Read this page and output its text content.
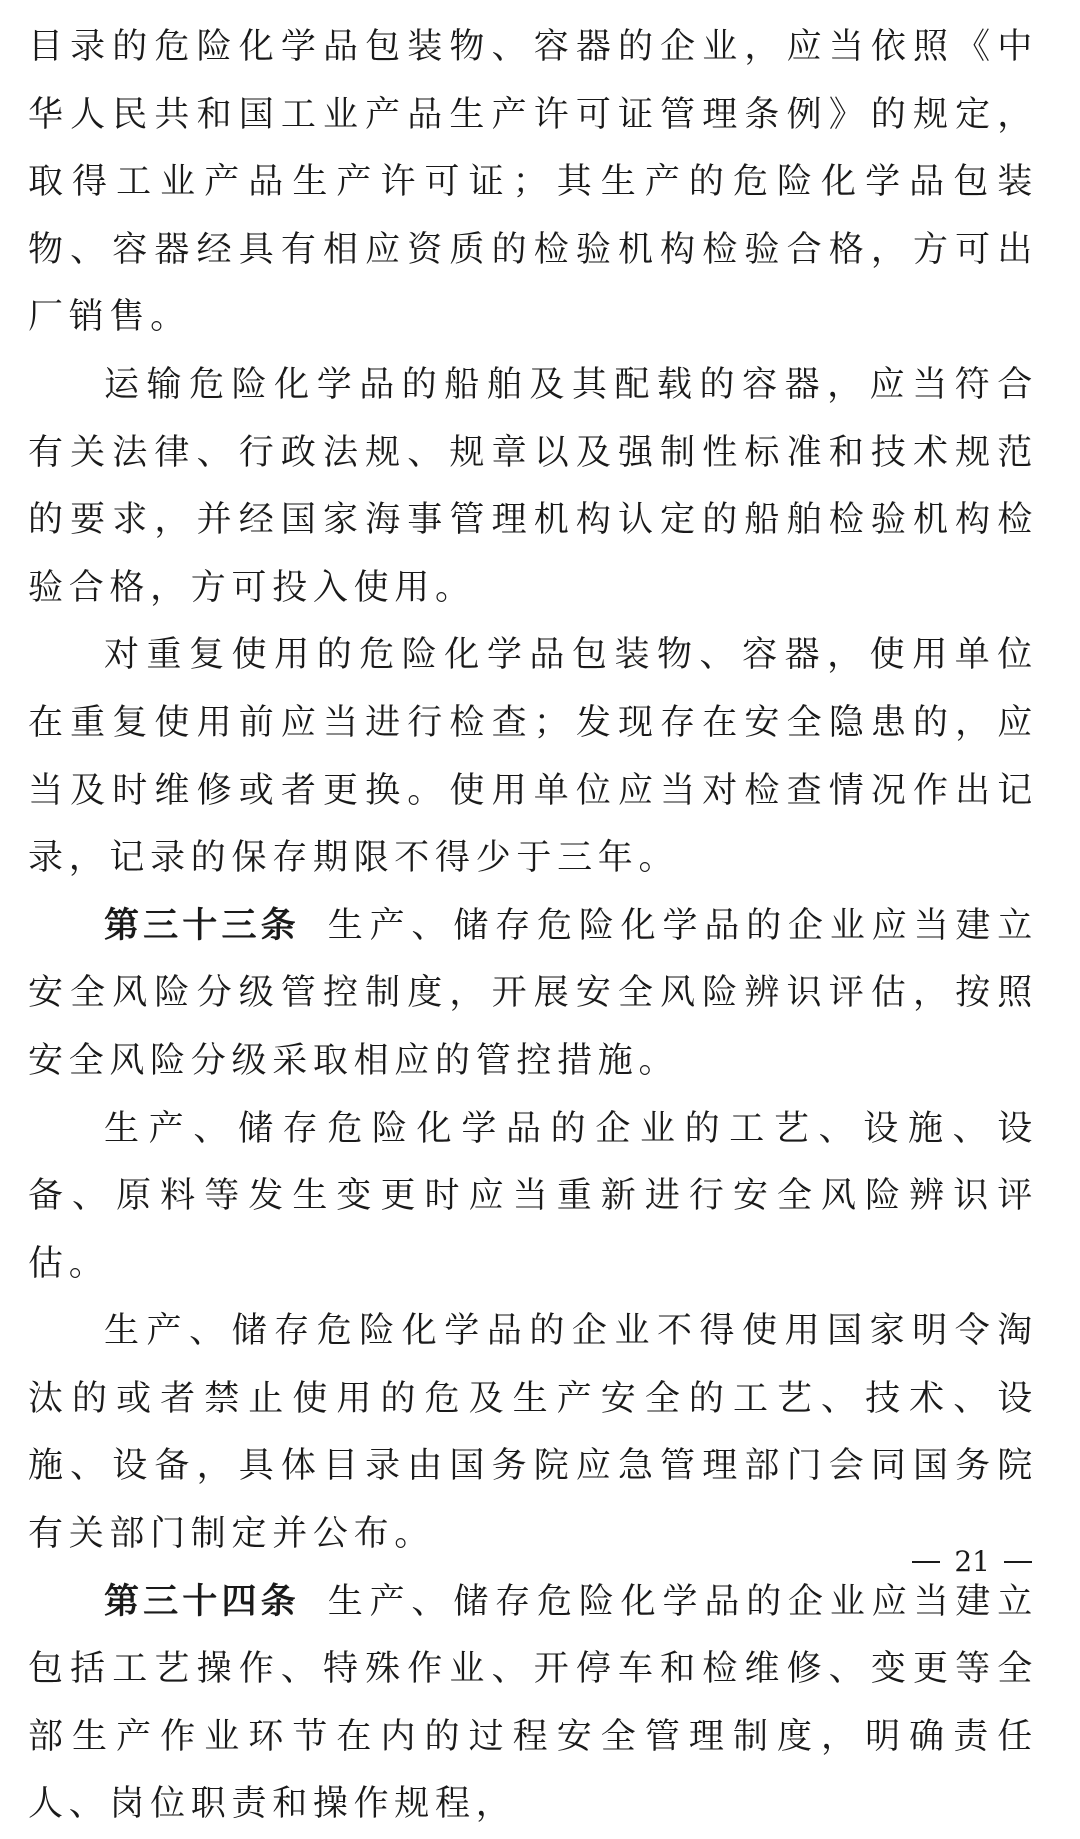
目录的危险化学品包装物、容器的企业，应当依照《中华人民共和国工业产品生产许可证管理条例》的规定，取得工业产品生产许可证；其生产的危险化学品包装物、容器经具有相应资质的检验机构检验合格，方可出厂销售。

运输危险化学品的船舶及其配载的容器，应当符合有关法律、行政法规、规章以及强制性标准和技术规范的要求，并经国家海事管理机构认定的船舶检验机构检验合格，方可投入使用。

对重复使用的危险化学品包装物、容器，使用单位在重复使用前应当进行检查；发现存在安全隐患的，应当及时维修或者更换。使用单位应当对检查情况作出记录，记录的保存期限不得少于三年。

第三十三条 生产、储存危险化学品的企业应当建立安全风险分级管控制度，开展安全风险辨识评估，按照安全风险分级采取相应的管控措施。

生产、储存危险化学品的企业的工艺、设施、设备、原料等发生变更时应当重新进行安全风险辨识评估。

生产、储存危险化学品的企业不得使用国家明令淘汰的或者禁止使用的危及生产安全的工艺、技术、设施、设备，具体目录由国务院应急管理部门会同国务院有关部门制定并公布。

第三十四条 生产、储存危险化学品的企业应当建立包括工艺操作、特殊作业、开停车和检维修、变更等全部生产作业环节在内的过程安全管理制度，明确责任人、岗位职责和操作规程，

21
